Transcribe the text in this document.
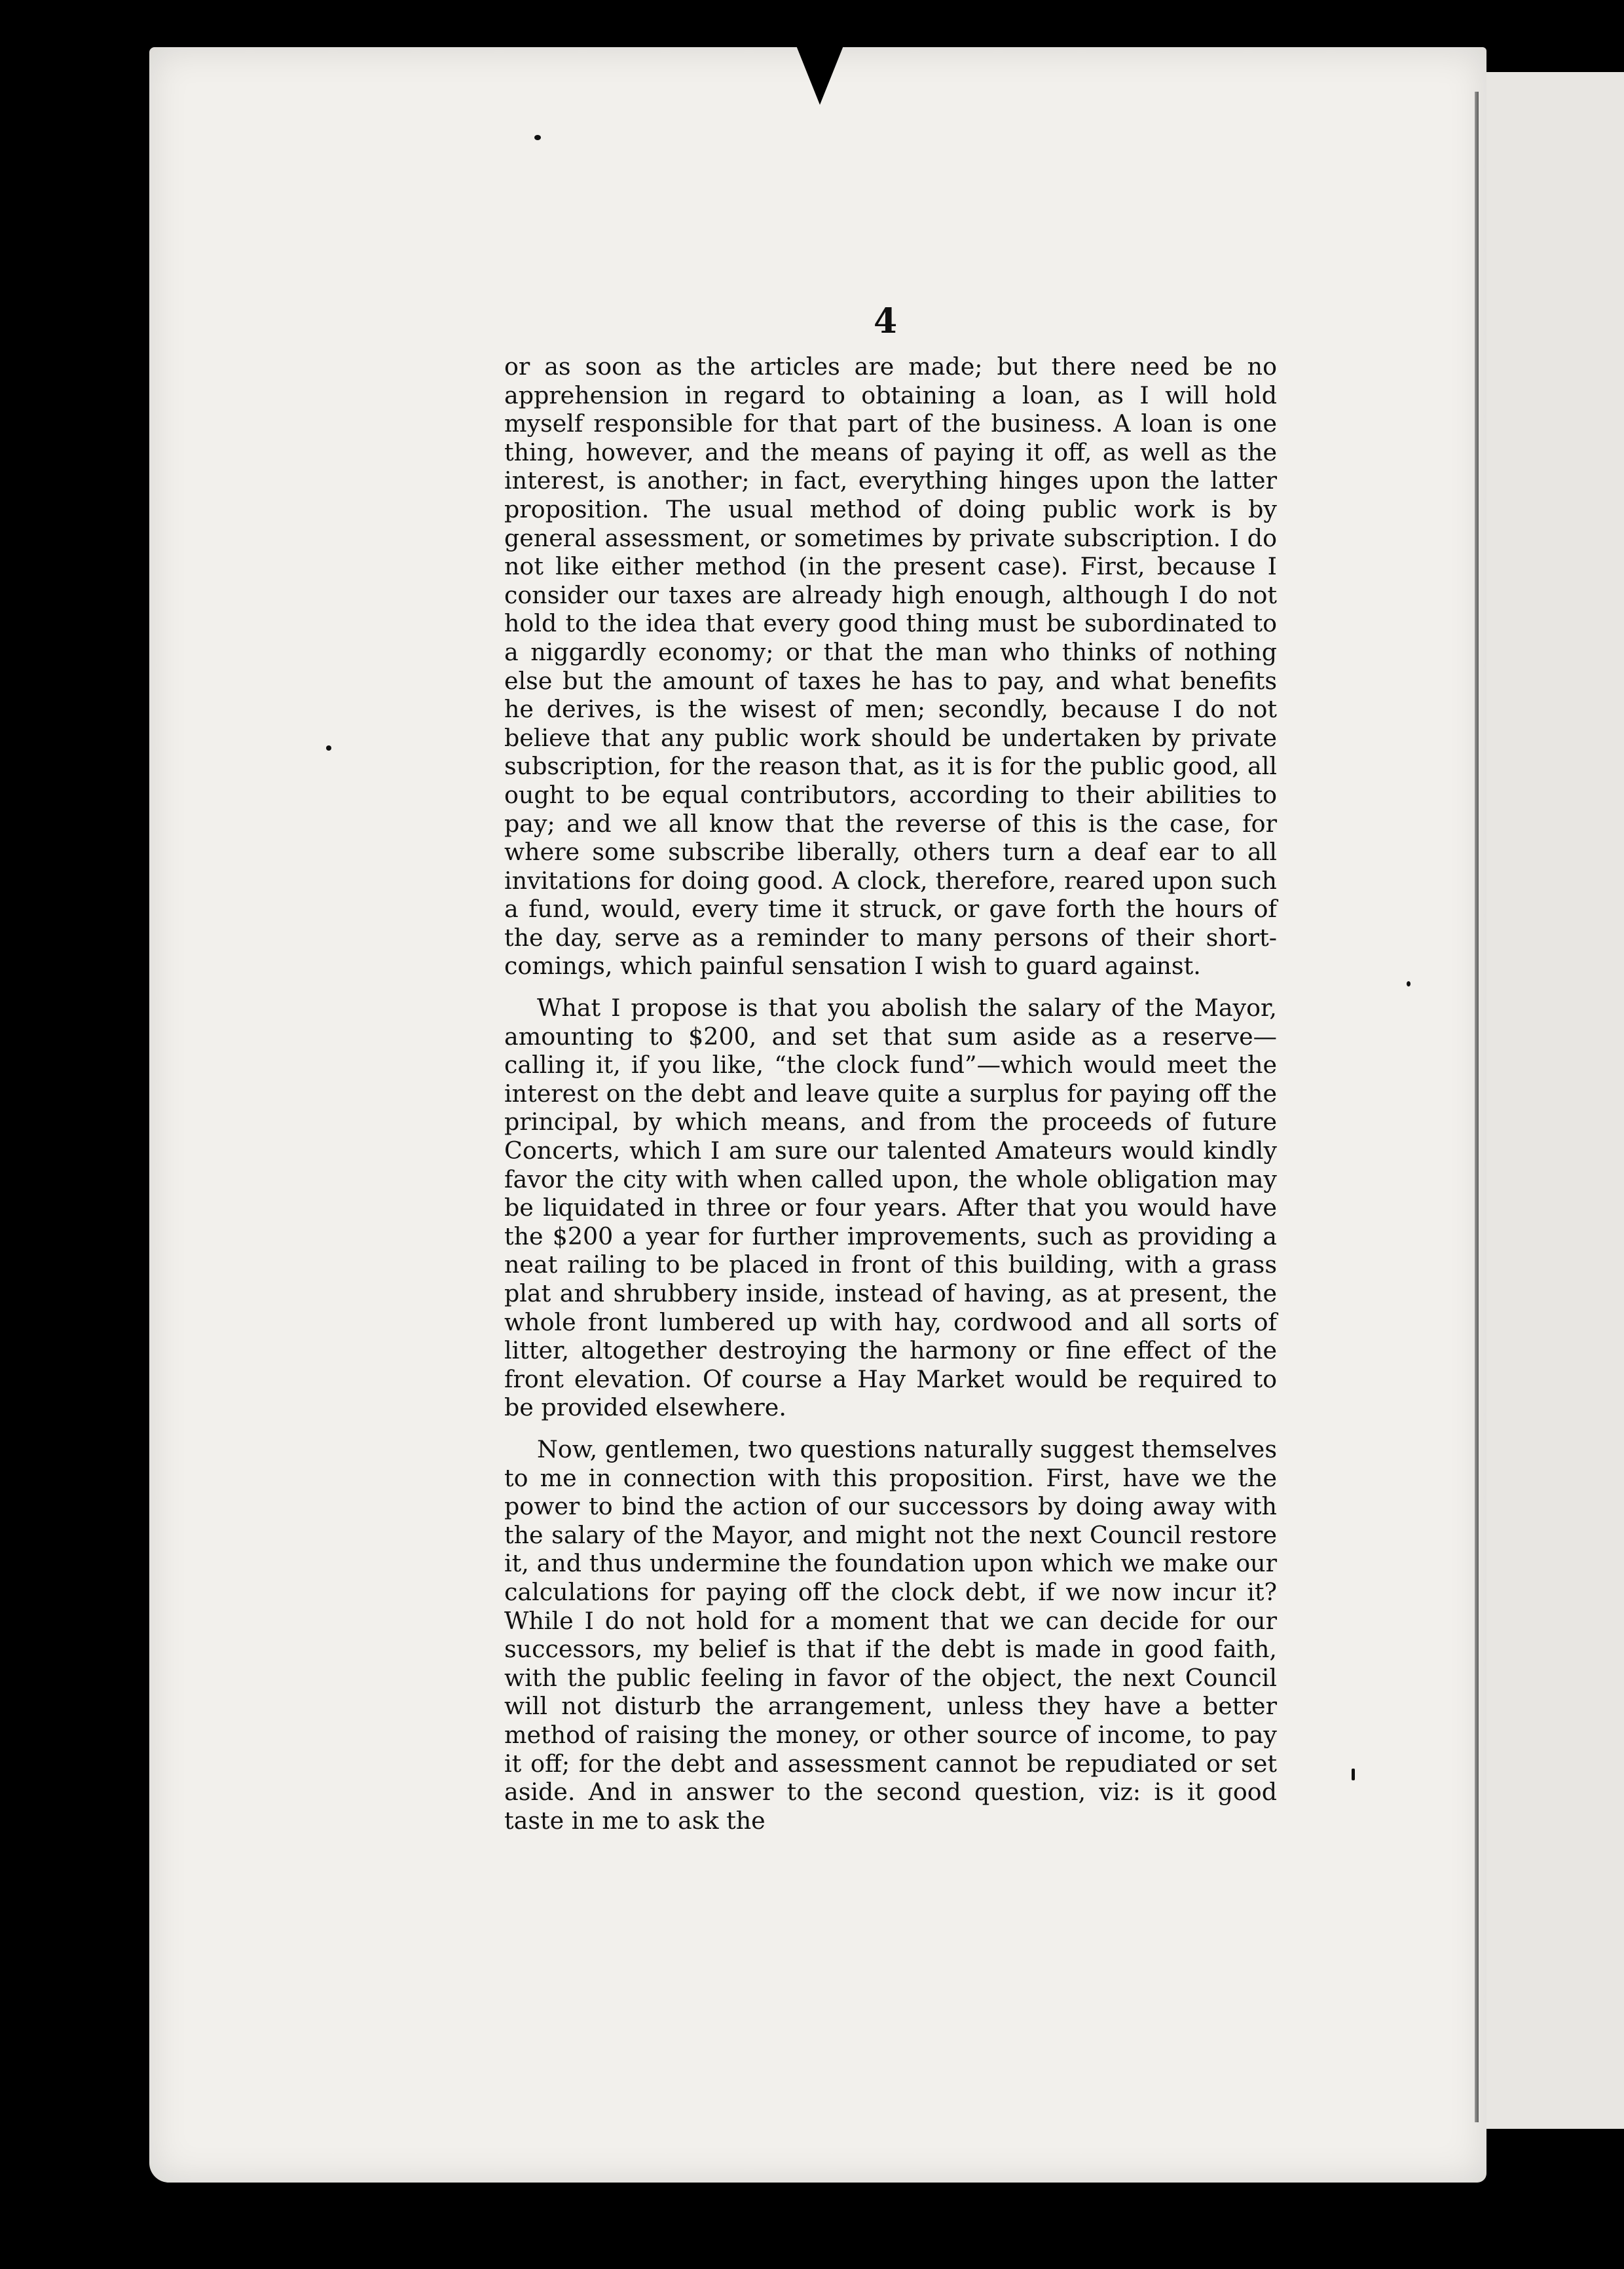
4

or as soon as the articles are made; but there need be no apprehension in regard to obtaining a loan, as I will hold myself responsible for that part of the business. A loan is one thing, however, and the means of paying it off, as well as the interest, is another; in fact, everything hinges upon the latter proposition. The usual method of doing public work is by general assessment, or sometimes by private subscription. I do not like either method (in the present case). First, because I consider our taxes are already high enough, although I do not hold to the idea that every good thing must be subordinated to a niggardly economy; or that the man who thinks of nothing else but the amount of taxes he has to pay, and what benefits he derives, is the wisest of men; secondly, because I do not believe that any public work should be undertaken by private subscription, for the reason that, as it is for the public good, all ought to be equal contributors, according to their abilities to pay; and we all know that the reverse of this is the case, for where some subscribe liberally, others turn a deaf ear to all invitations for doing good. A clock, therefore, reared upon such a fund, would, every time it struck, or gave forth the hours of the day, serve as a reminder to many persons of their short-comings, which painful sensation I wish to guard against.

What I propose is that you abolish the salary of the Mayor, amounting to $200, and set that sum aside as a reserve—calling it, if you like, “the clock fund”—which would meet the interest on the debt and leave quite a surplus for paying off the principal, by which means, and from the proceeds of future Concerts, which I am sure our talented Amateurs would kindly favor the city with when called upon, the whole obligation may be liquidated in three or four years. After that you would have the $200 a year for further improvements, such as providing a neat railing to be placed in front of this building, with a grass plat and shrubbery inside, instead of having, as at present, the whole front lumbered up with hay, cordwood and all sorts of litter, altogether destroying the harmony or fine effect of the front elevation. Of course a Hay Market would be required to be provided elsewhere.

Now, gentlemen, two questions naturally suggest themselves to me in connection with this proposition. First, have we the power to bind the action of our successors by doing away with the salary of the Mayor, and might not the next Council restore it, and thus undermine the foundation upon which we make our calculations for paying off the clock debt, if we now incur it? While I do not hold for a moment that we can decide for our successors, my belief is that if the debt is made in good faith, with the public feeling in favor of the object, the next Council will not disturb the arrangement, unless they have a better method of raising the money, or other source of income, to pay it off; for the debt and assessment cannot be repudiated or set aside. And in answer to the second question, viz: is it good taste in me to ask the
